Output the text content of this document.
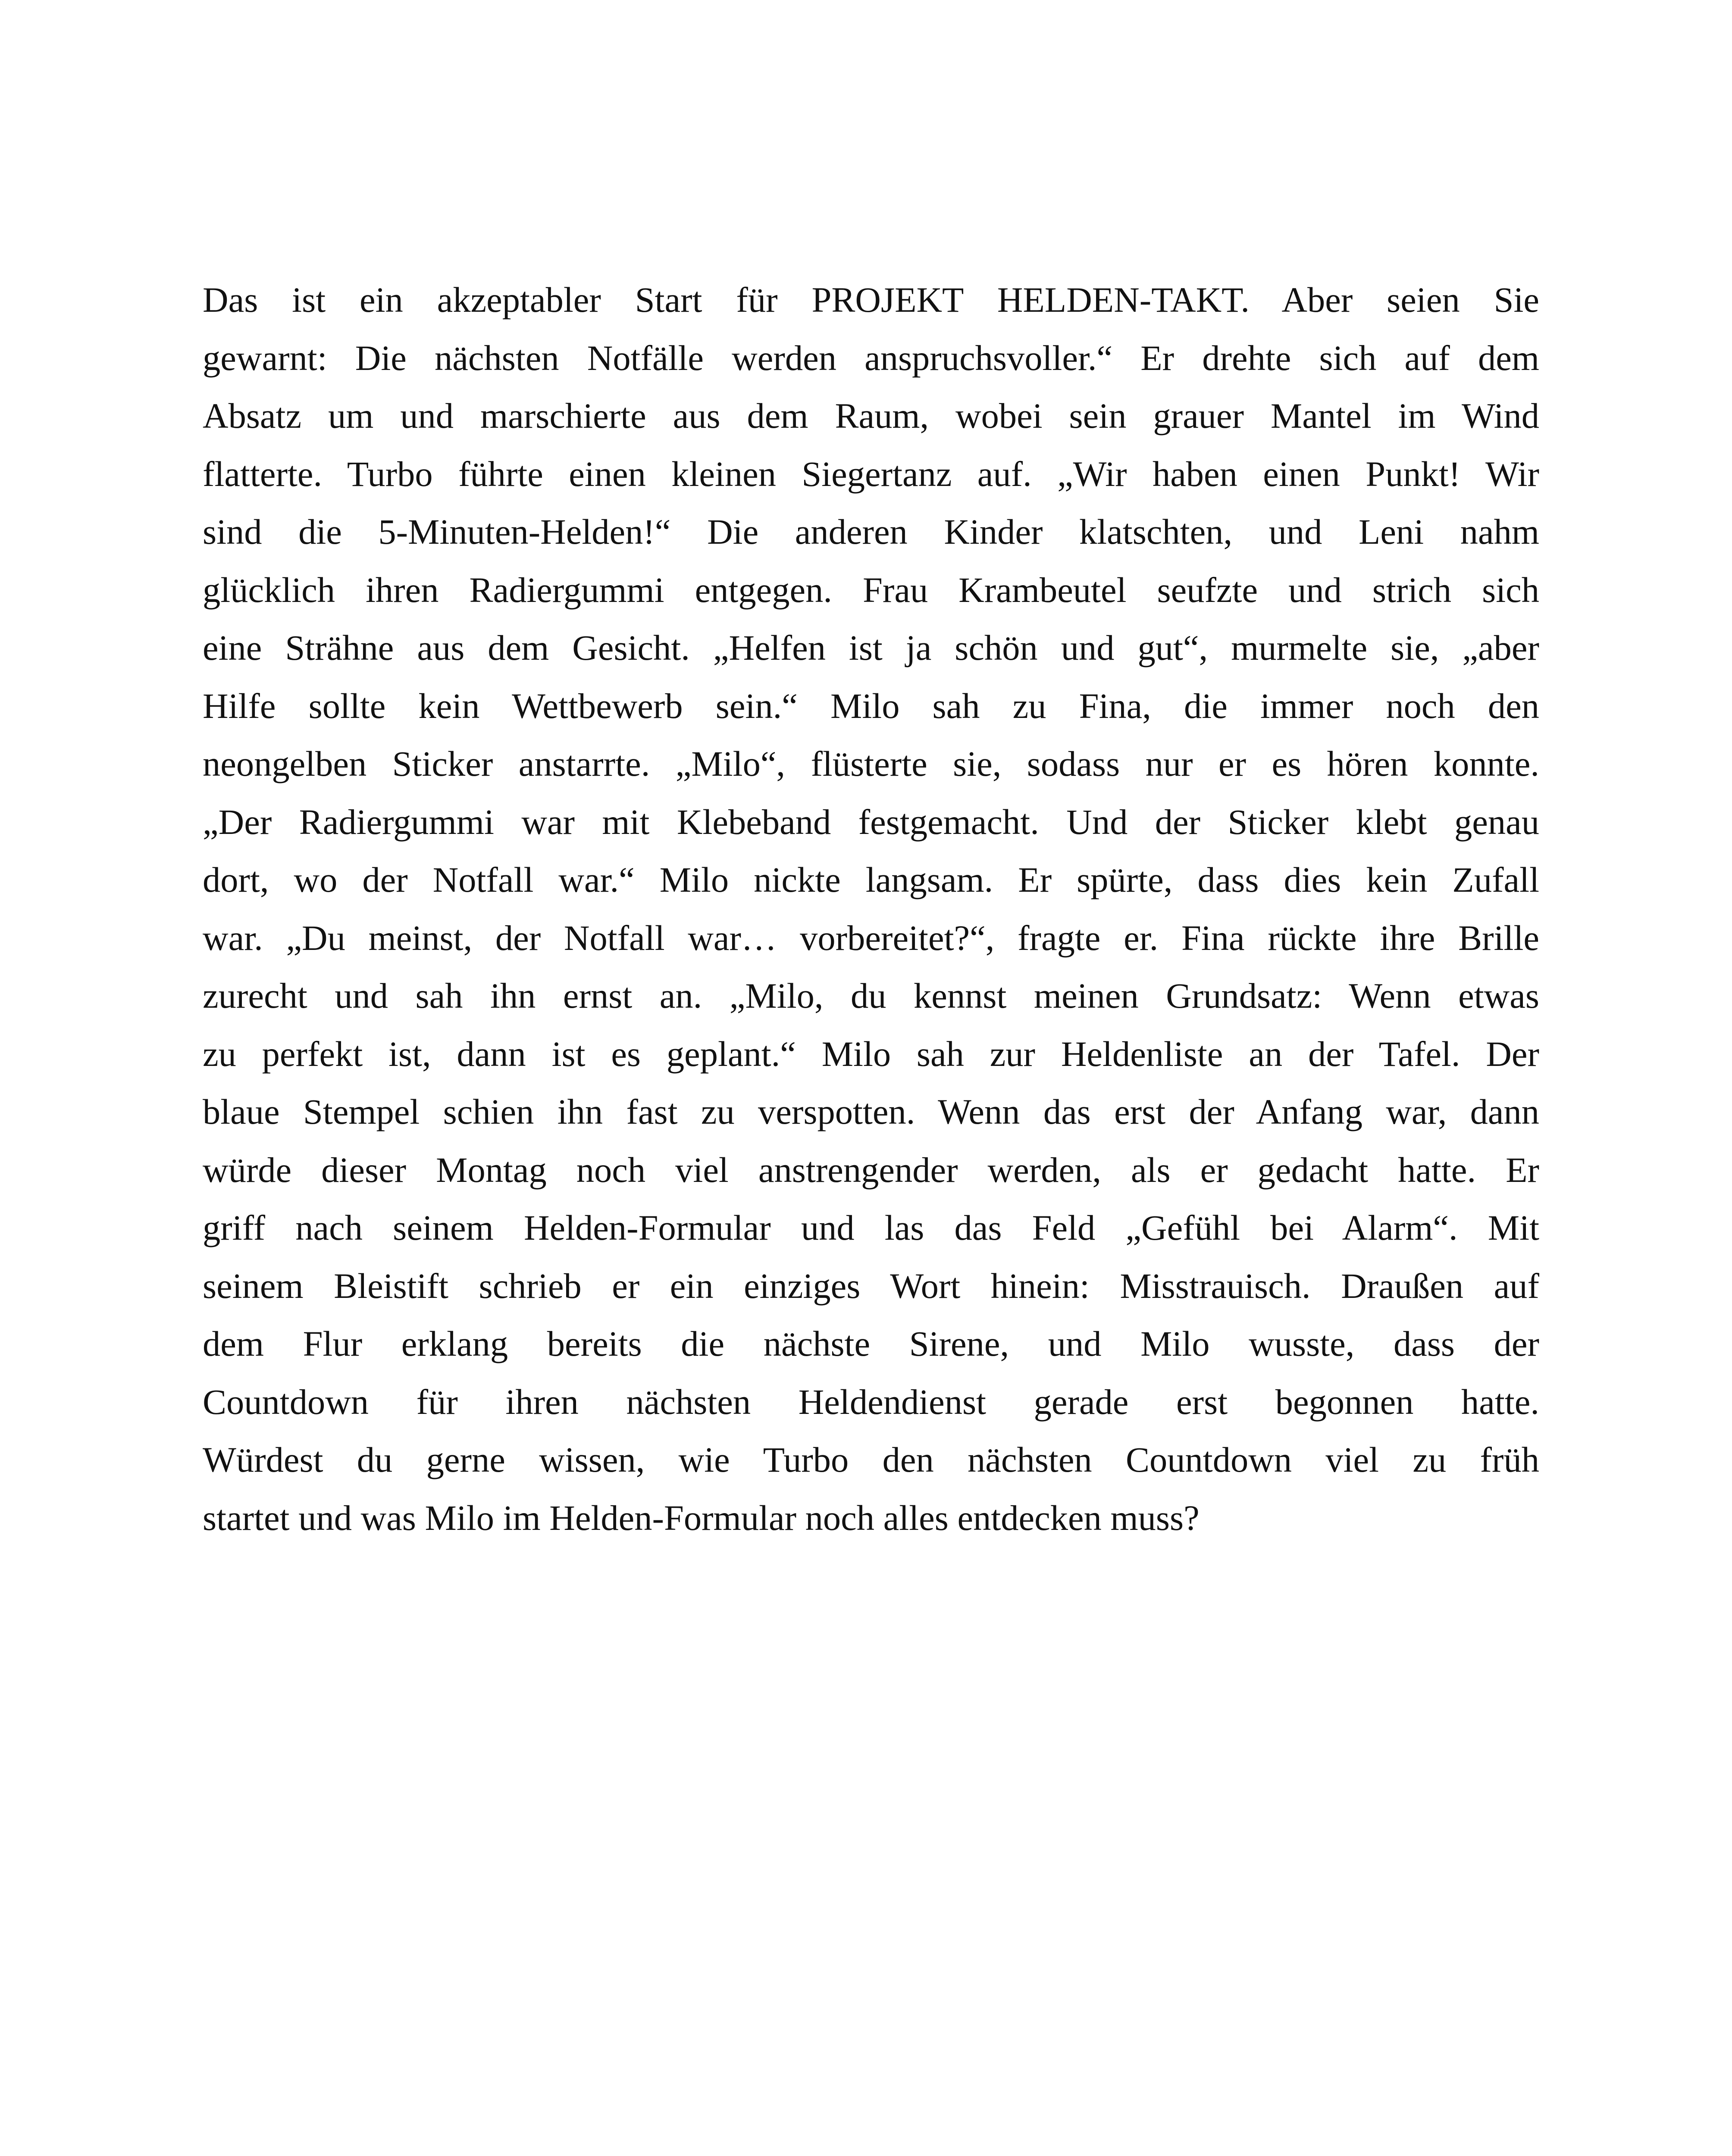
Das ist ein akzeptabler Start für PROJEKT HELDEN-TAKT. Aber seien Sie
gewarnt: Die nächsten Notfälle werden anspruchsvoller.“ Er drehte sich auf dem
Absatz um und marschierte aus dem Raum, wobei sein grauer Mantel im Wind
flatterte. Turbo führte einen kleinen Siegertanz auf. „Wir haben einen Punkt! Wir
sind die 5-Minuten-Helden!“ Die anderen Kinder klatschten, und Leni nahm
glücklich ihren Radiergummi entgegen. Frau Krambeutel seufzte und strich sich
eine Strähne aus dem Gesicht. „Helfen ist ja schön und gut“, murmelte sie, „aber
Hilfe sollte kein Wettbewerb sein.“ Milo sah zu Fina, die immer noch den
neongelben Sticker anstarrte. „Milo“, flüsterte sie, sodass nur er es hören konnte.
„Der Radiergummi war mit Klebeband festgemacht. Und der Sticker klebt genau
dort, wo der Notfall war.“ Milo nickte langsam. Er spürte, dass dies kein Zufall
war. „Du meinst, der Notfall war… vorbereitet?“, fragte er. Fina rückte ihre Brille
zurecht und sah ihn ernst an. „Milo, du kennst meinen Grundsatz: Wenn etwas
zu perfekt ist, dann ist es geplant.“ Milo sah zur Heldenliste an der Tafel. Der
blaue Stempel schien ihn fast zu verspotten. Wenn das erst der Anfang war, dann
würde dieser Montag noch viel anstrengender werden, als er gedacht hatte. Er
griff nach seinem Helden-Formular und las das Feld „Gefühl bei Alarm“. Mit
seinem Bleistift schrieb er ein einziges Wort hinein: Misstrauisch. Draußen auf
dem Flur erklang bereits die nächste Sirene, und Milo wusste, dass der
Countdown für ihren nächsten Heldendienst gerade erst begonnen hatte.
Würdest du gerne wissen, wie Turbo den nächsten Countdown viel zu früh
startet und was Milo im Helden-Formular noch alles entdecken muss?
